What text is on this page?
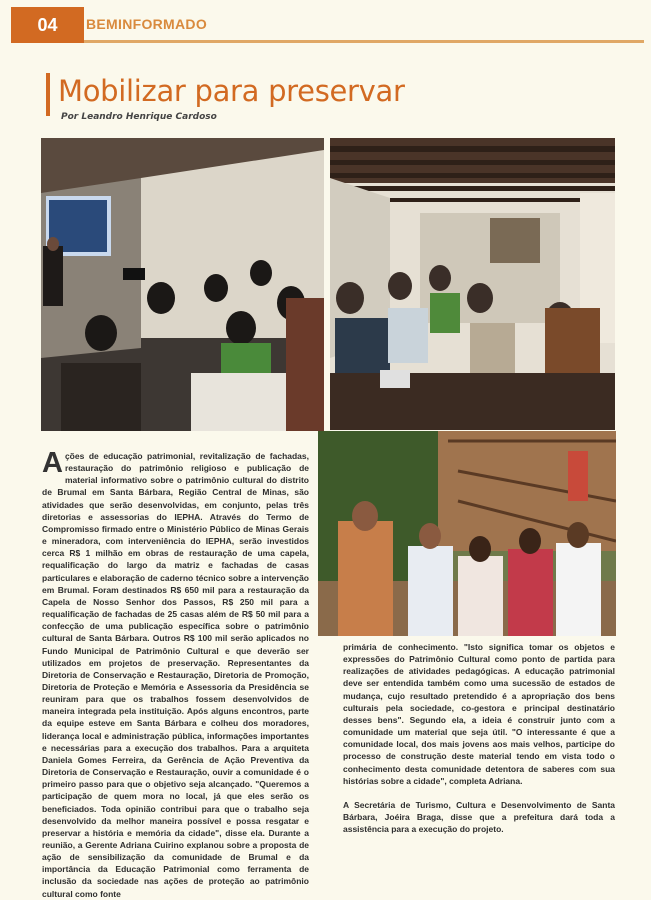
04	BEMINFORMADO
Mobilizar para preservar
Por Leandro Henrique Cardoso

Ações de educação patrimonial, revitalização de fachadas, restauração do patrimônio religioso e publicação de material informativo sobre o patrimônio cultural do distrito de Brumal em Santa Bárbara, Região Central de Minas, são atividades que serão desenvolvidas, em conjunto, pelas três diretorias e assessorias do IEPHA. Através do Termo de Compromisso firmado entre o Ministério Público de Minas Gerais e mineradora, com interveniência do IEPHA, serão investidos cerca R$ 1 milhão em obras de restauração de uma capela, requalificação do largo da matriz e fachadas de casas particulares e elaboração de caderno técnico sobre a intervenção em Brumal. Foram destinados R$ 650 mil para a restauração da Capela de Nosso Senhor dos Passos, R$ 250 mil para a requalificação de fachadas de 25 casas além de R$ 50 mil para a confecção de uma publicação específica sobre o patrimônio cultural de Santa Bárbara. Outros R$ 100 mil serão aplicados no Fundo Municipal de Patrimônio Cultural e que deverão ser utilizados em projetos de preservação. Representantes da Diretoria de Conservação e Restauração, Diretoria de Promoção, Diretoria de Proteção e Memória e Assessoria da Presidência se reuniram para que os trabalhos fossem desenvolvidos de maneira integrada pela instituição. Após alguns encontros, parte da equipe esteve em Santa Bárbara e colheu dos moradores, liderança local e administração pública, informações importantes e necessárias para a execução dos trabalhos. Para a arquiteta Daniela Gomes Ferreira, da Gerência de Ação Preventiva da Diretoria de Conservação e Restauração, ouvir a comunidade é o primeiro passo para que o objetivo seja alcançado. "Queremos a participação de quem mora no local, já que eles serão os beneficiados. Toda opinião contribui para que o trabalho seja desenvolvido da melhor maneira possível e possa resgatar e preservar a história e memória da cidade", disse ela. Durante a reunião, a Gerente Adriana Cuirino explanou sobre a proposta de ação de sensibilização da comunidade de Brumal e da importância da Educação Patrimonial como ferramenta de inclusão da sociedade nas ações de proteção ao patrimônio cultural como fonte

primária de conhecimento. "Isto significa tomar os objetos e expressões do Patrimônio Cultural como ponto de partida para realizações de atividades pedagógicas. A educação patrimonial deve ser entendida também como uma sucessão de estados de mudança, cujo resultado pretendido é a apropriação dos bens culturais pela sociedade, co-gestora e principal destinatário desses bens". Segundo ela, a ideia é construir junto com a comunidade um material que seja útil. "O interessante é que a comunidade local, dos mais jovens aos mais velhos, participe do processo de construção deste material tendo em vista todo o conhecimento desta comunidade detentora de saberes com sua histórias sobre a cidade", completa Adriana.

A Secretária de Turismo, Cultura e Desenvolvimento de Santa Bárbara, Joéira Braga, disse que a prefeitura dará toda a assistência para a execução do projeto.
